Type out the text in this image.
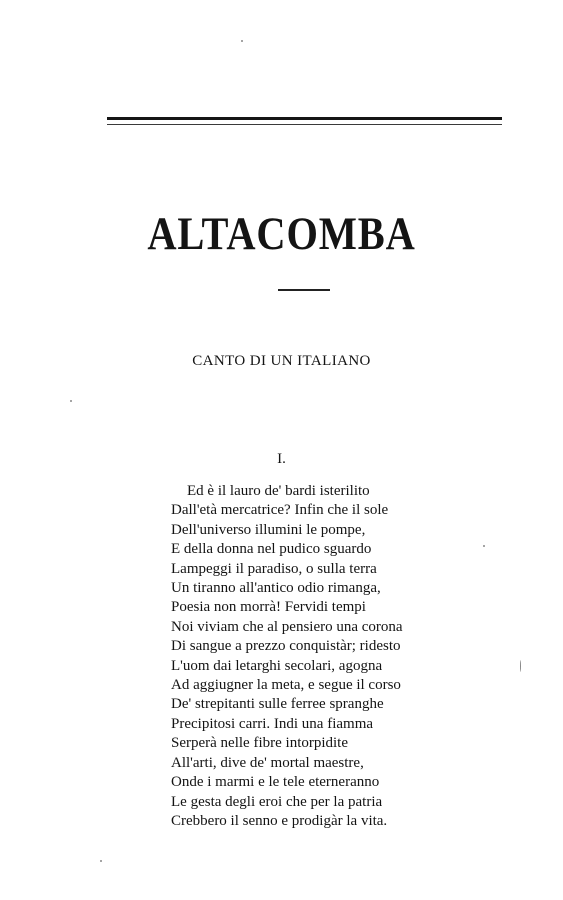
ALTACOMBA
CANTO DI UN ITALIANO
I.
Ed è il lauro de' bardi isterilito
Dall'età mercatrice? Infin che il sole
Dell'universo illumini le pompe,
E della donna nel pudico sguardo
Lampeggi il paradiso, o sulla terra
Un tiranno all'antico odio rimanga,
Poesia non morrà! Fervidi tempi
Noi viviam che al pensiero una corona
Di sangue a prezzo conquistàr; ridesto
L'uom dai letarghi secolari, agogna
Ad aggiugner la meta, e segue il corso
De' strepitanti sulle ferree spranghe
Precipitosi carri. Indi una fiamma
Serperà nelle fibre intorpidite
All'arti, dive de' mortal maestre,
Onde i marmi e le tele eterneranno
Le gesta degli eroi che per la patria
Crebbero il senno e prodigàr la vita.
